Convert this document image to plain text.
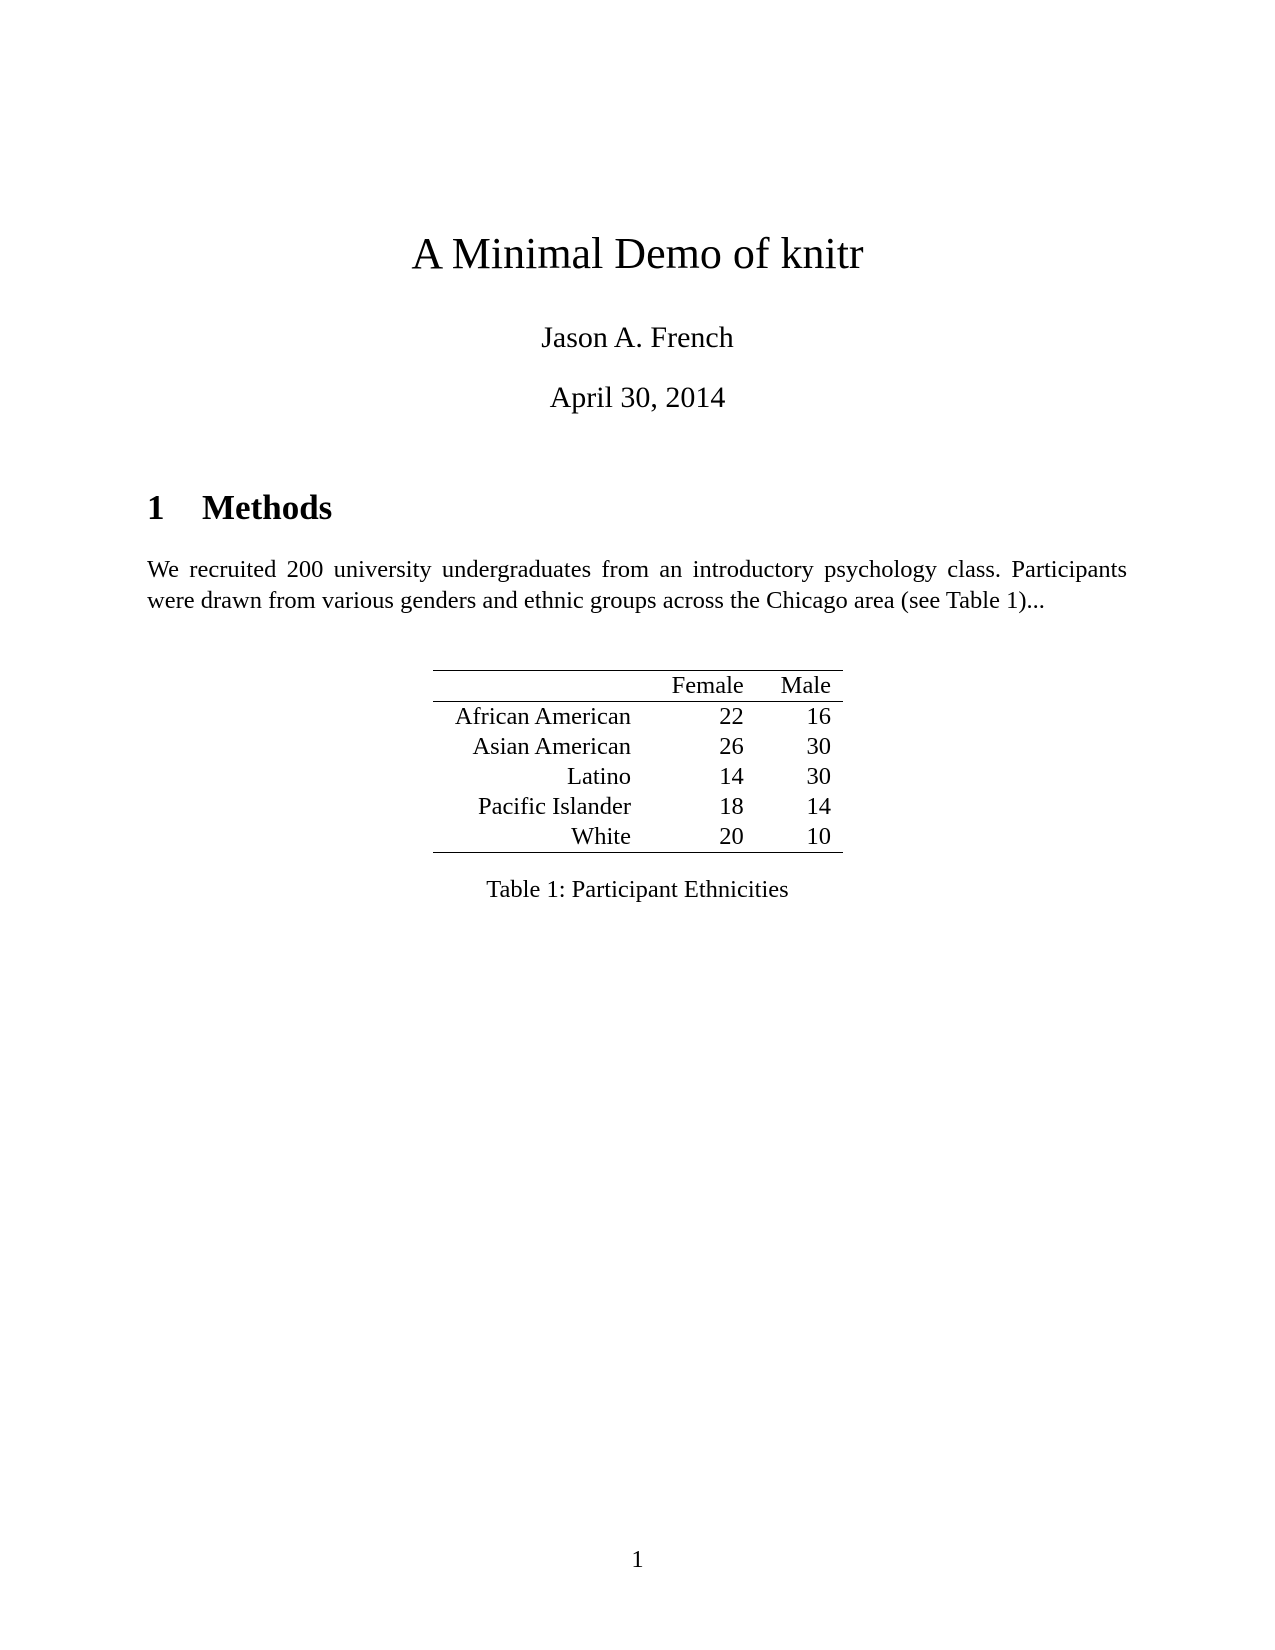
A Minimal Demo of knitr
Jason A. French
April 30, 2014
1 Methods

We recruited 200 university undergraduates from an introductory psychology class. Participants were drawn from various genders and ethnic groups across the Chicago area (see Table 1)...

	Female	Male
African American	22	16
Asian American	26	30
Latino	14	30
Pacific Islander	18	14
White	20	10
Table 1: Participant Ethnicities
1
